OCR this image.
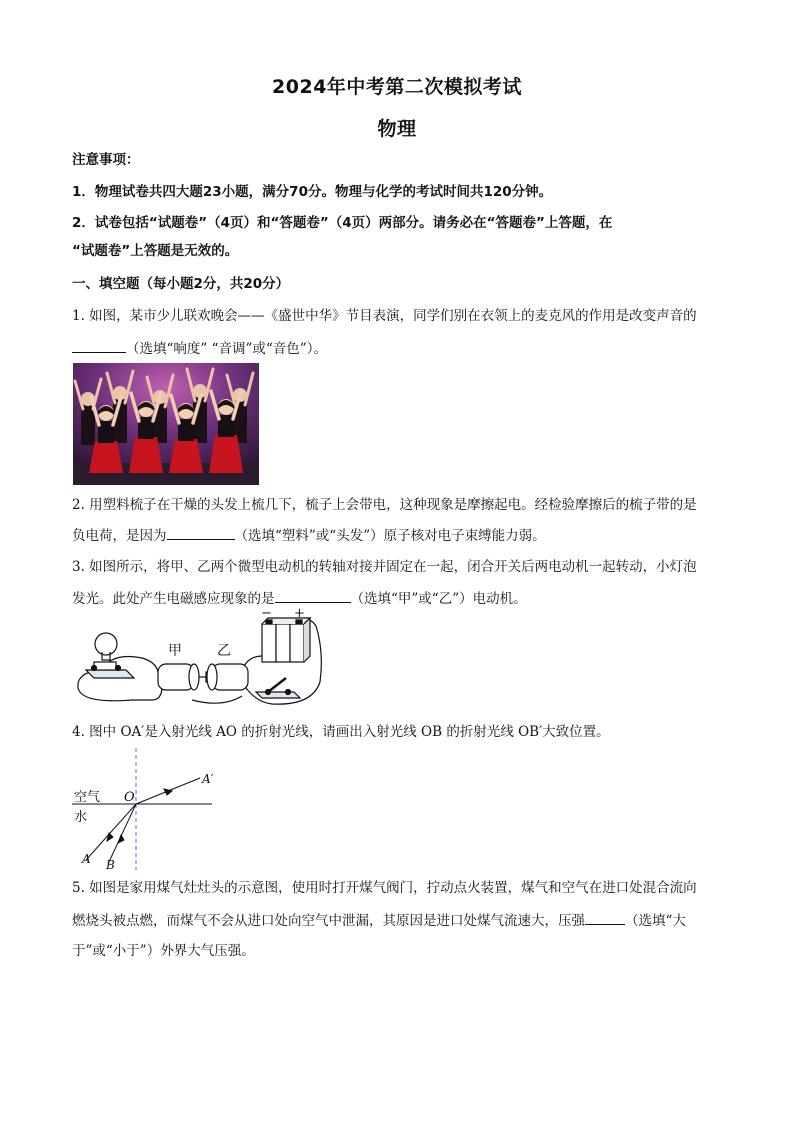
2024年中考第二次模拟考试
物理
注意事项：
1．物理试卷共四大题23小题，满分70分。物理与化学的考试时间共120分钟。
2．试卷包括“试题卷”（4页）和“答题卷”（4页）两部分。请务必在“答题卷”上答题，在
“试题卷”上答题是无效的。
一、填空题（每小题2分，共20分）
1. 如图，某市少儿联欢晚会——《盛世中华》节目表演，同学们别在衣领上的麦克风的作用是改变声音的
（选填“响度” “音调”或“音色”）。
2. 用塑料梳子在干燥的头发上梳几下，梳子上会带电，这种现象是摩擦起电。经检验摩擦后的梳子带的是
负电荷，是因为	（选填“塑料”或“头发”）原子核对电子束缚能力弱。
3. 如图所示，将甲、乙两个微型电动机的转轴对接并固定在一起，闭合开关后两电动机一起转动，小灯泡
发光。此处产生电磁感应现象的是	（选填“甲”或“乙”）电动机。
甲	乙
− +
4. 图中 OA′是入射光线 AO 的折射光线，请画出入射光线 OB 的折射光线 OB′大致位置。
空气
水
O
A B
A′
5. 如图是家用煤气灶灶头的示意图，使用时打开煤气阀门，拧动点火装置，煤气和空气在进口处混合流向
燃烧头被点燃，而煤气不会从进口处向空气中泄漏，其原因是进口处煤气流速大，压强	（选填“大
于”或“小于”）外界大气压强。
